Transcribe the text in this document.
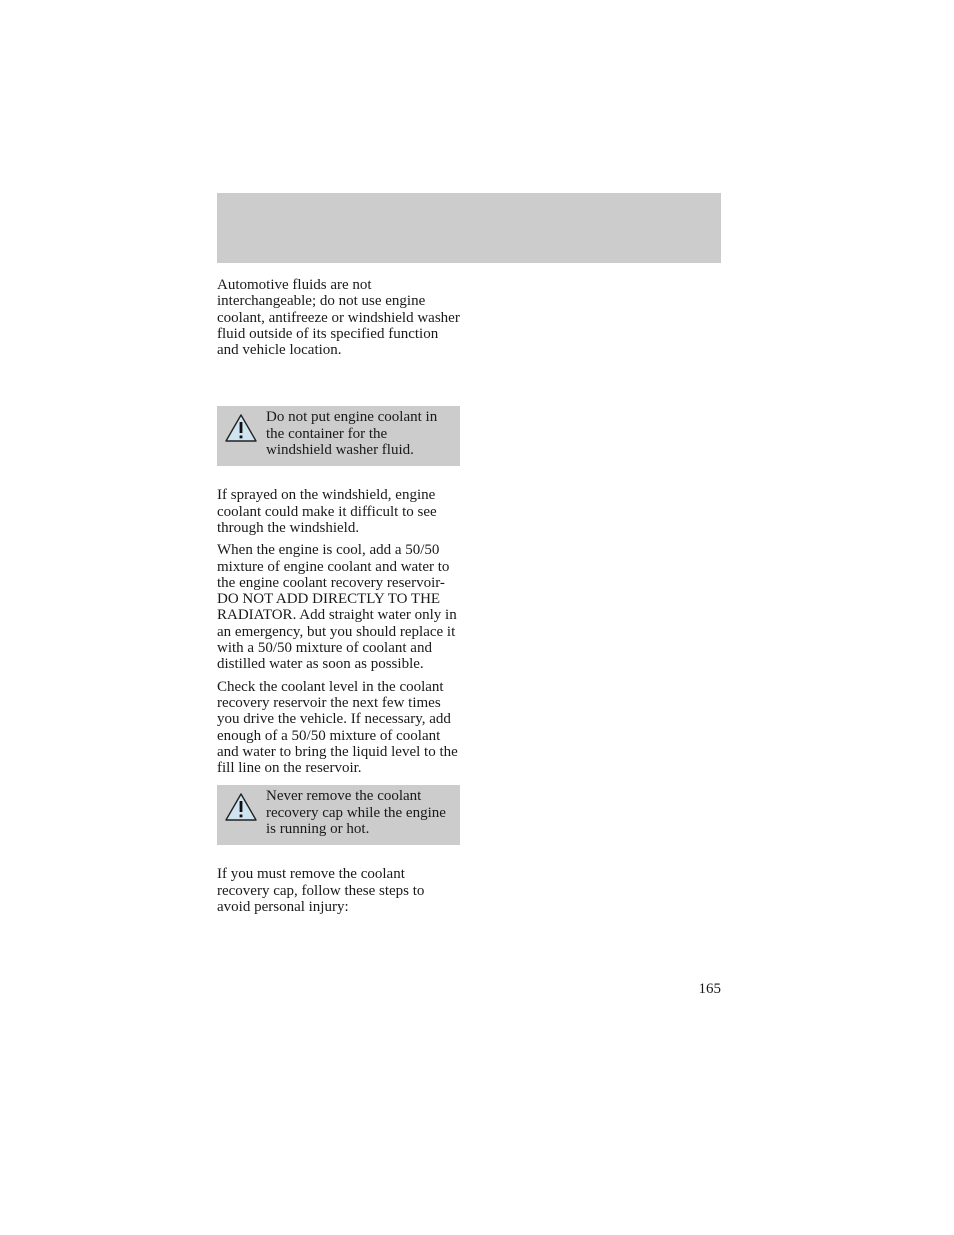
Automotive fluids are not interchangeable; do not use engine coolant, antifreeze or windshield washer fluid outside of its specified function and vehicle location.

Do not put engine coolant in the container for the windshield washer fluid.

If sprayed on the windshield, engine coolant could make it difficult to see through the windshield.

When the engine is cool, add a 50/50 mixture of engine coolant and water to the engine coolant recovery reservoir-DO NOT ADD DIRECTLY TO THE RADIATOR. Add straight water only in an emergency, but you should replace it with a 50/50 mixture of coolant and distilled water as soon as possible.

Check the coolant level in the coolant recovery reservoir the next few times you drive the vehicle. If necessary, add enough of a 50/50 mixture of coolant and water to bring the liquid level to the fill line on the reservoir.

Never remove the coolant recovery cap while the engine is running or hot.

If you must remove the coolant recovery cap, follow these steps to avoid personal injury:

165
